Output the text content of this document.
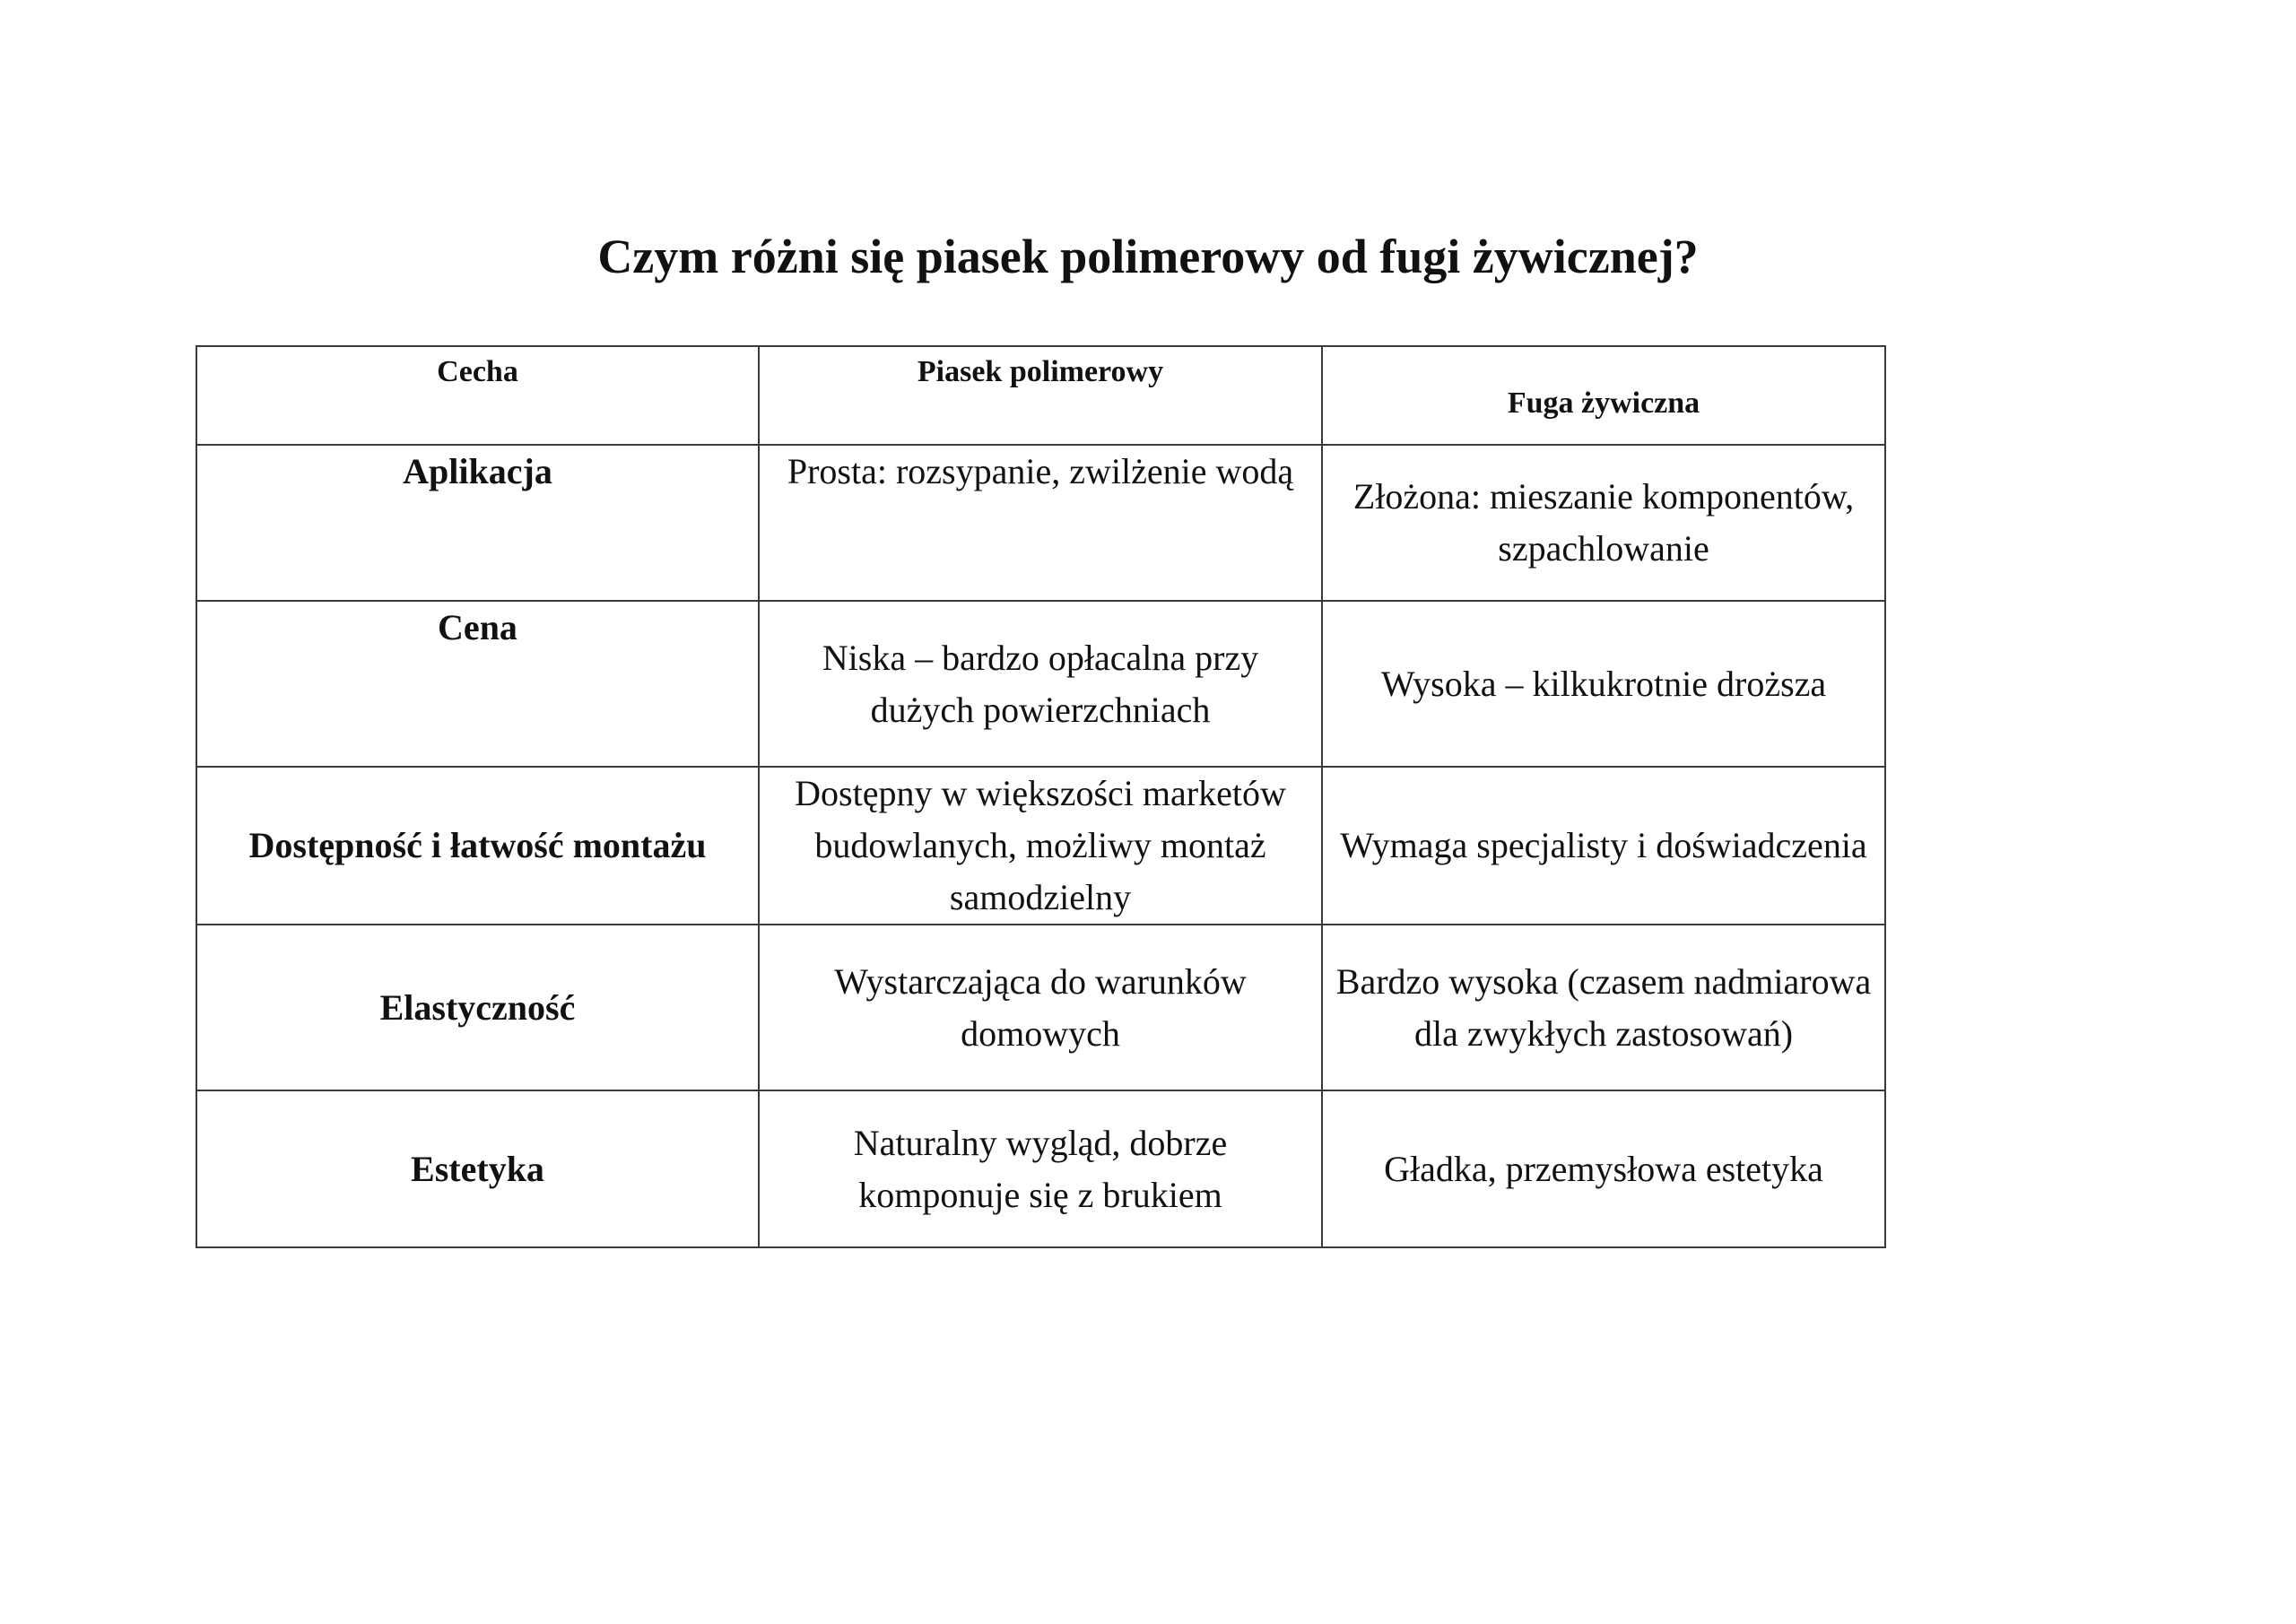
Czym różni się piasek polimerowy od fugi żywicznej?
Cecha	Piasek polimerowy	Fuga żywiczna
Aplikacja	Prosta: rozsypanie, zwilżenie wodą	Złożona: mieszanie komponentów, szpachlowanie
Cena	Niska – bardzo opłacalna przy dużych powierzchniach	Wysoka – kilkukrotnie droższa
Dostępność i łatwość montażu	Dostępny w większości marketów budowlanych, możliwy montaż samodzielny	Wymaga specjalisty i doświadczenia
Elastyczność	Wystarczająca do warunków domowych	Bardzo wysoka (czasem nadmiarowa dla zwykłych zastosowań)
Estetyka	Naturalny wygląd, dobrze komponuje się z brukiem	Gładka, przemysłowa estetyka
